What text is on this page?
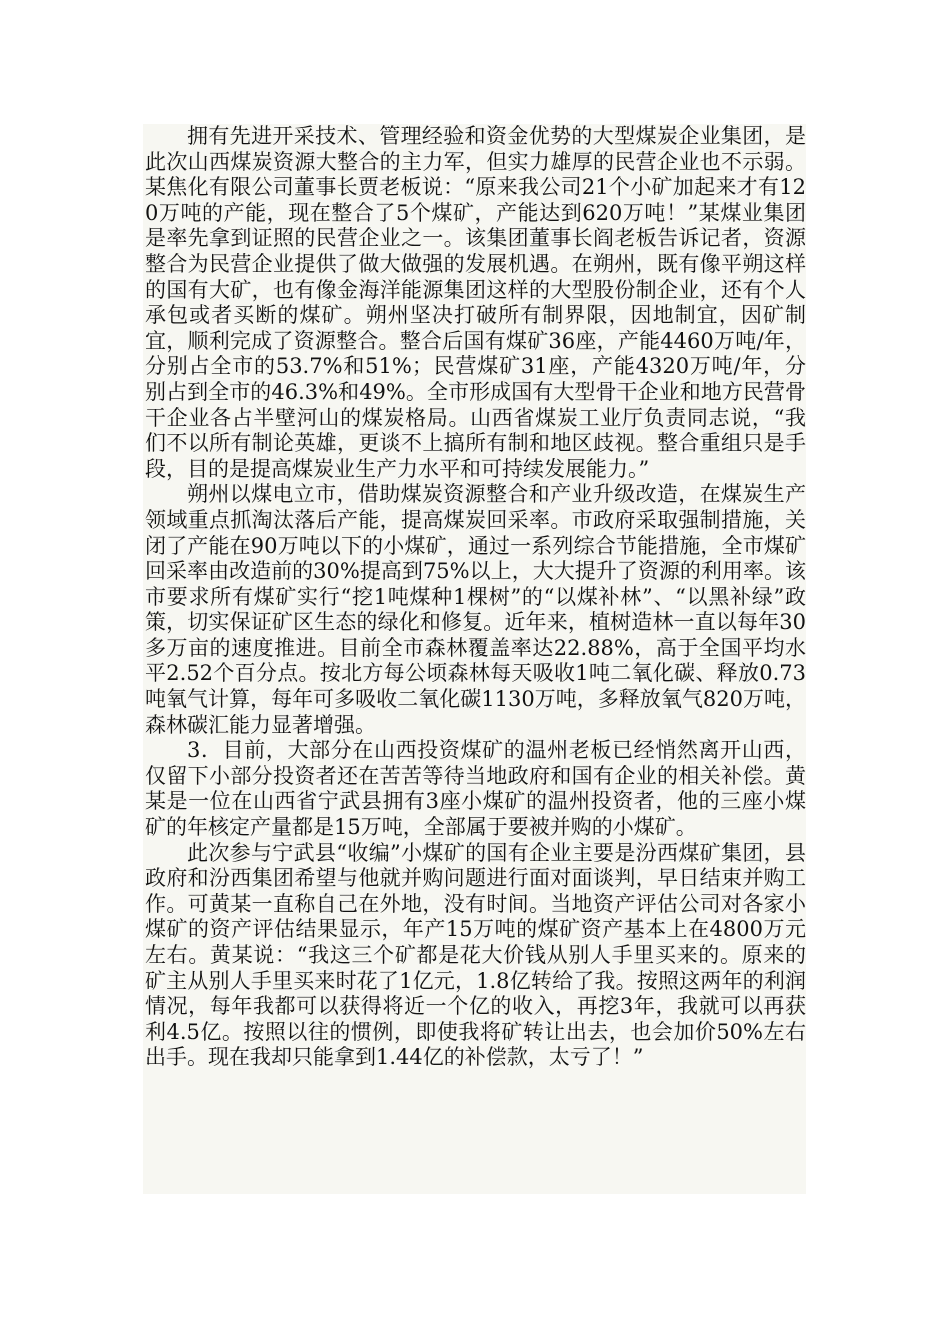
拥有先进开采技术、管理经验和资金优势的大型煤炭企业集团，是此次山西煤炭资源大整合的主力军，但实力雄厚的民营企业也不示弱。某焦化有限公司董事长贾老板说：“原来我公司21个小矿加起来才有120万吨的产能，现在整合了5个煤矿，产能达到620万吨！”某煤业集团是率先拿到证照的民营企业之一。该集团董事长阎老板告诉记者，资源整合为民营企业提供了做大做强的发展机遇。在朔州，既有像平朔这样的国有大矿，也有像金海洋能源集团这样的大型股份制企业，还有个人承包或者买断的煤矿。朔州坚决打破所有制界限，因地制宜，因矿制宜，顺利完成了资源整合。整合后国有煤矿36座，产能4460万吨/年，分别占全市的53.7%和51%；民营煤矿31座，产能4320万吨/年，分别占到全市的46.3%和49%。全市形成国有大型骨干企业和地方民营骨干企业各占半壁河山的煤炭格局。山西省煤炭工业厅负责同志说，“我们不以所有制论英雄，更谈不上搞所有制和地区歧视。整合重组只是手段，目的是提高煤炭业生产力水平和可持续发展能力。”

朔州以煤电立市，借助煤炭资源整合和产业升级改造，在煤炭生产领域重点抓淘汰落后产能，提高煤炭回采率。市政府采取强制措施，关闭了产能在90万吨以下的小煤矿，通过一系列综合节能措施，全市煤矿回采率由改造前的30%提高到75%以上，大大提升了资源的利用率。该市要求所有煤矿实行“挖1吨煤种1棵树”的“以煤补林”、“以黑补绿”政策，切实保证矿区生态的绿化和修复。近年来，植树造林一直以每年30多万亩的速度推进。目前全市森林覆盖率达22.88%，高于全国平均水平2.52个百分点。按北方每公顷森林每天吸收1吨二氧化碳、释放0.73吨氧气计算，每年可多吸收二氧化碳1130万吨，多释放氧气820万吨，森林碳汇能力显著增强。

3．目前，大部分在山西投资煤矿的温州老板已经悄然离开山西，仅留下小部分投资者还在苦苦等待当地政府和国有企业的相关补偿。黄某是一位在山西省宁武县拥有3座小煤矿的温州投资者，他的三座小煤矿的年核定产量都是15万吨，全部属于要被并购的小煤矿。

此次参与宁武县“收编”小煤矿的国有企业主要是汾西煤矿集团，县政府和汾西集团希望与他就并购问题进行面对面谈判，早日结束并购工作。可黄某一直称自己在外地，没有时间。当地资产评估公司对各家小煤矿的资产评估结果显示，年产15万吨的煤矿资产基本上在4800万元左右。黄某说：“我这三个矿都是花大价钱从别人手里买来的。原来的矿主从别人手里买来时花了1亿元，1.8亿转给了我。按照这两年的利润情况，每年我都可以获得将近一个亿的收入，再挖3年，我就可以再获利4.5亿。按照以往的惯例，即使我将矿转让出去，也会加价50%左右出手。现在我却只能拿到1.44亿的补偿款，太亏了！”
